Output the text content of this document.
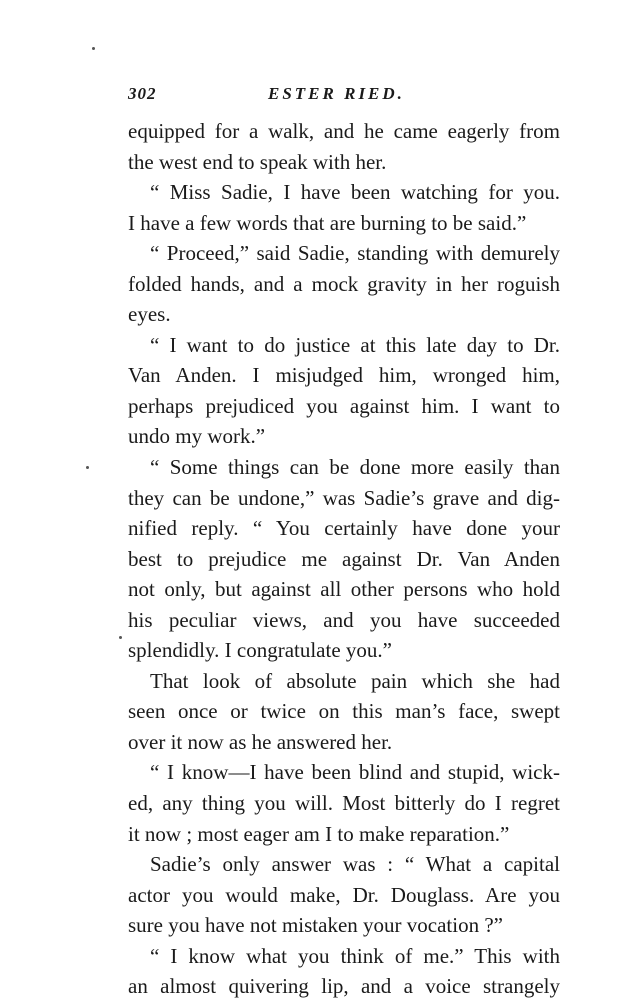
302	ESTER RIED.
equipped for a walk, and he came eagerly from
the west end to speak with her.
“ Miss Sadie, I have been watching for you.
I have a few words that are burning to be said.”
“ Proceed,” said Sadie, standing with demurely
folded hands, and a mock gravity in her roguish
eyes.
“ I want to do justice at this late day to Dr.
Van Anden. I misjudged him, wronged him,
perhaps prejudiced you against him. I want to
undo my work.”
“ Some things can be done more easily than
they can be undone,” was Sadie’s grave and dig-
nified reply. “ You certainly have done your
best to prejudice me against Dr. Van Anden
not only, but against all other persons who hold
his peculiar views, and you have succeeded
splendidly. I congratulate you.”
That look of absolute pain which she had
seen once or twice on this man’s face, swept
over it now as he answered her.
“ I know—I have been blind and stupid, wick-
ed, any thing you will. Most bitterly do I regret
it now ; most eager am I to make reparation.”
Sadie’s only answer was : “ What a capital
actor you would make, Dr. Douglass. Are you
sure you have not mistaken your vocation ?”
“ I know what you think of me.” This with
an almost quivering lip, and a voice strangely
